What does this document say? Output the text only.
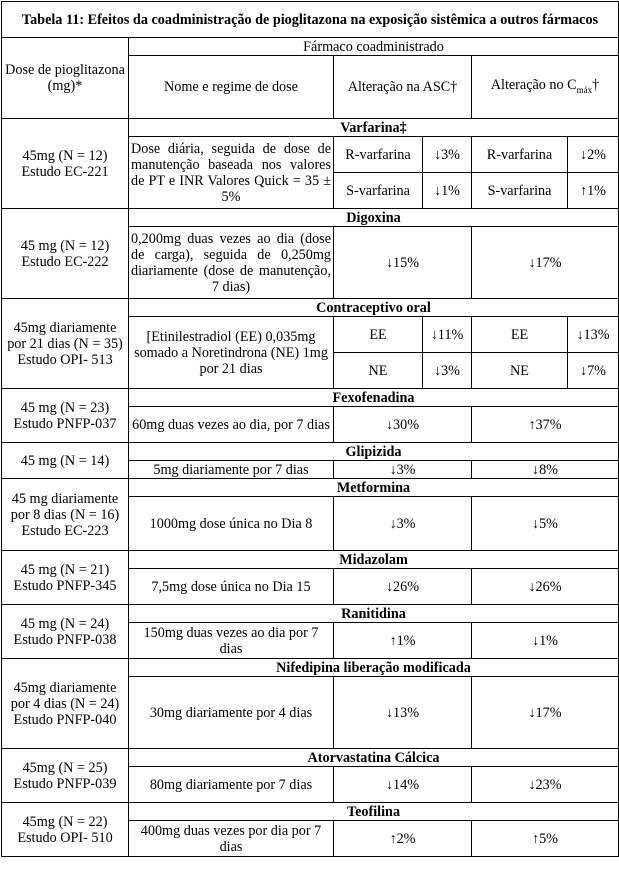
Tabela 11: Efeitos da coadministração de pioglitazona na exposição sistêmica a outros fármacos					
Dose de pioglitazona (mg)*	Fármaco coadministrado				
	Nome e regime de dose	Alteração na ASC†		Alteração no $C_{máx}\dagger$	
45mg (N = 12) Estudo EC-221	Varfarina‡				
	Dose diária, seguida de dose de manutenção baseada nos valores de PT e INR Valores Quick = 35 ± 5%	R-varfarina	↓3%	R-varfarina	↓2%
		S-varfarina	↓1%	S-varfarina	↑1%
45 mg (N = 12) Estudo EC-222	Digoxina				
	0,200mg duas vezes ao dia (dose de carga), seguida de 0,250mg diariamente (dose de manutenção, 7 dias)	↓15%		↓17%	
45mg diariamente por 21 dias (N = 35) Estudo OPI- 513	Contraceptivo oral				
	[Etinilestradiol (EE) 0,035mg somado a Noretindrona (NE) 1mg por 21 dias	EE	↓11%	EE	↓13%
		NE	↓3%	NE	↓7%
45 mg (N = 23) Estudo PNFP-037	Fexofenadina				
	60mg duas vezes ao dia, por 7 dias	↓30%		↑37%	
45 mg (N = 14)	Glipizida				
	5mg diariamente por 7 dias	↓3%		↓8%	
45 mg diariamente por 8 dias (N = 16) Estudo EC-223	Metformina				
	1000mg dose única no Dia 8	↓3%		↓5%	
45 mg (N = 21) Estudo PNFP-345	Midazolam				
	7,5mg dose única no Dia 15	↓26%		↓26%	
45 mg (N = 24) Estudo PNFP-038	Ranitidina				
	150mg duas vezes ao dia por 7 dias	↑1%		↓1%	
45mg diariamente por 4 dias (N = 24) Estudo PNFP-040	Nifedipina liberação modificada				
	30mg diariamente por 4 dias	↓13%		↓17%	
45mg (N = 25) Estudo PNFP-039	Atorvastatina Cálcica				
	80mg diariamente por 7 dias	↓14%		↓23%	
45mg (N = 22) Estudo OPI- 510	Teofilina				
	400mg duas vezes por dia por 7 dias	↑2%		↑5%	
